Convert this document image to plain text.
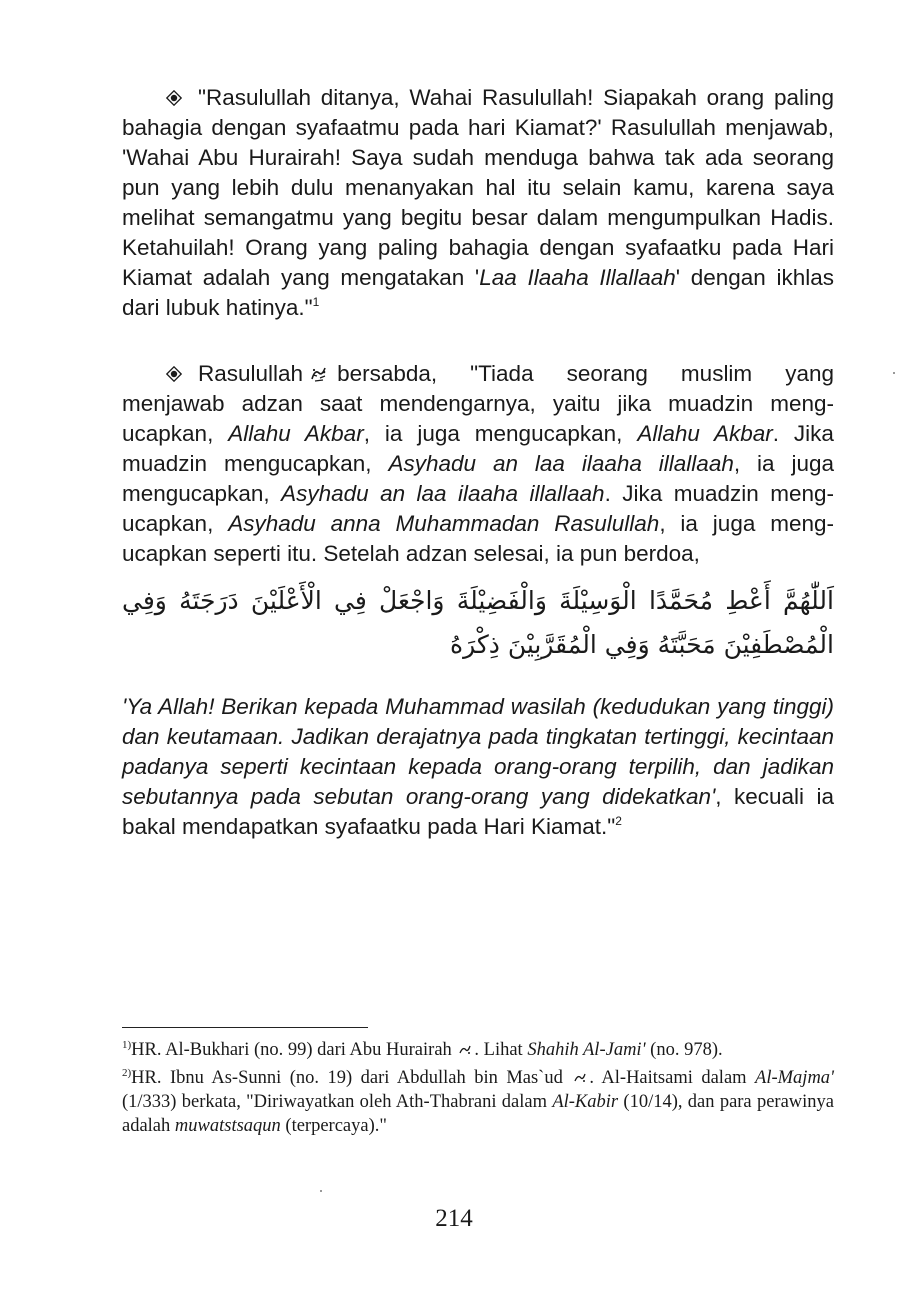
"Rasulullah ditanya, Wahai Rasulullah! Siapakah orang paling bahagia dengan syafaatmu pada hari Kiamat?' Rasulullah menjawab, 'Wahai Abu Hurairah! Saya sudah menduga bahwa tak ada seorang pun yang lebih dulu menanyakan hal itu selain kamu, karena saya melihat semangatmu yang begitu besar dalam mengumpulkan Hadis. Ketahuilah! Orang yang paling bahagia dengan syafaatku pada Hari Kiamat adalah yang mengatakan 'Laa Ilaaha Illallaah' dengan ikhlas dari lubuk hatinya."$^1$

Rasulullah bersabda, "Tiada seorang muslim yang menjawab adzan saat mendengarnya, yaitu jika muadzin meng-ucapkan, Allahu Akbar, ia juga mengucapkan, Allahu Akbar. Jika muadzin mengucapkan, Asyhadu an laa ilaaha illallaah, ia juga mengucapkan, Asyhadu an laa ilaaha illallaah. Jika muadzin meng-ucapkan, Asyhadu anna Muhammadan Rasulullah, ia juga meng-ucapkan seperti itu. Setelah adzan selesai, ia pun berdoa,

اَللّٰهُمَّ أَعْطِ مُحَمَّدًا الْوَسِيْلَةَ وَالْفَضِيْلَةَ وَاجْعَلْ فِي الْأَعْلَيْنَ دَرَجَتَهُ وَفِي الْمُصْطَفِيْنَ مَحَبَّتَهُ وَفِي الْمُقَرَّبِيْنَ ذِكْرَهُ

'Ya Allah! Berikan kepada Muhammad wasilah (kedudukan yang tinggi) dan keutamaan. Jadikan derajatnya pada tingkatan tertinggi, kecintaan padanya seperti kecintaan kepada orang-orang terpilih, dan jadikan sebutannya pada sebutan orang-orang yang didekatkan', kecuali ia bakal mendapatkan syafaatku pada Hari Kiamat."$^2$

$^{1)}$HR. Al-Bukhari (no. 99) dari Abu Hurairah . Lihat Shahih Al-Jami' (no. 978).

$^{2)}$HR. Ibnu As-Sunni (no. 19) dari Abdullah bin Mas`ud . Al-Haitsami dalam Al-Majma' (1/333) berkata, "Diriwayatkan oleh Ath-Thabrani dalam Al-Kabir (10/14), dan para perawinya adalah muwatstsaqun (terpercaya)."

214
